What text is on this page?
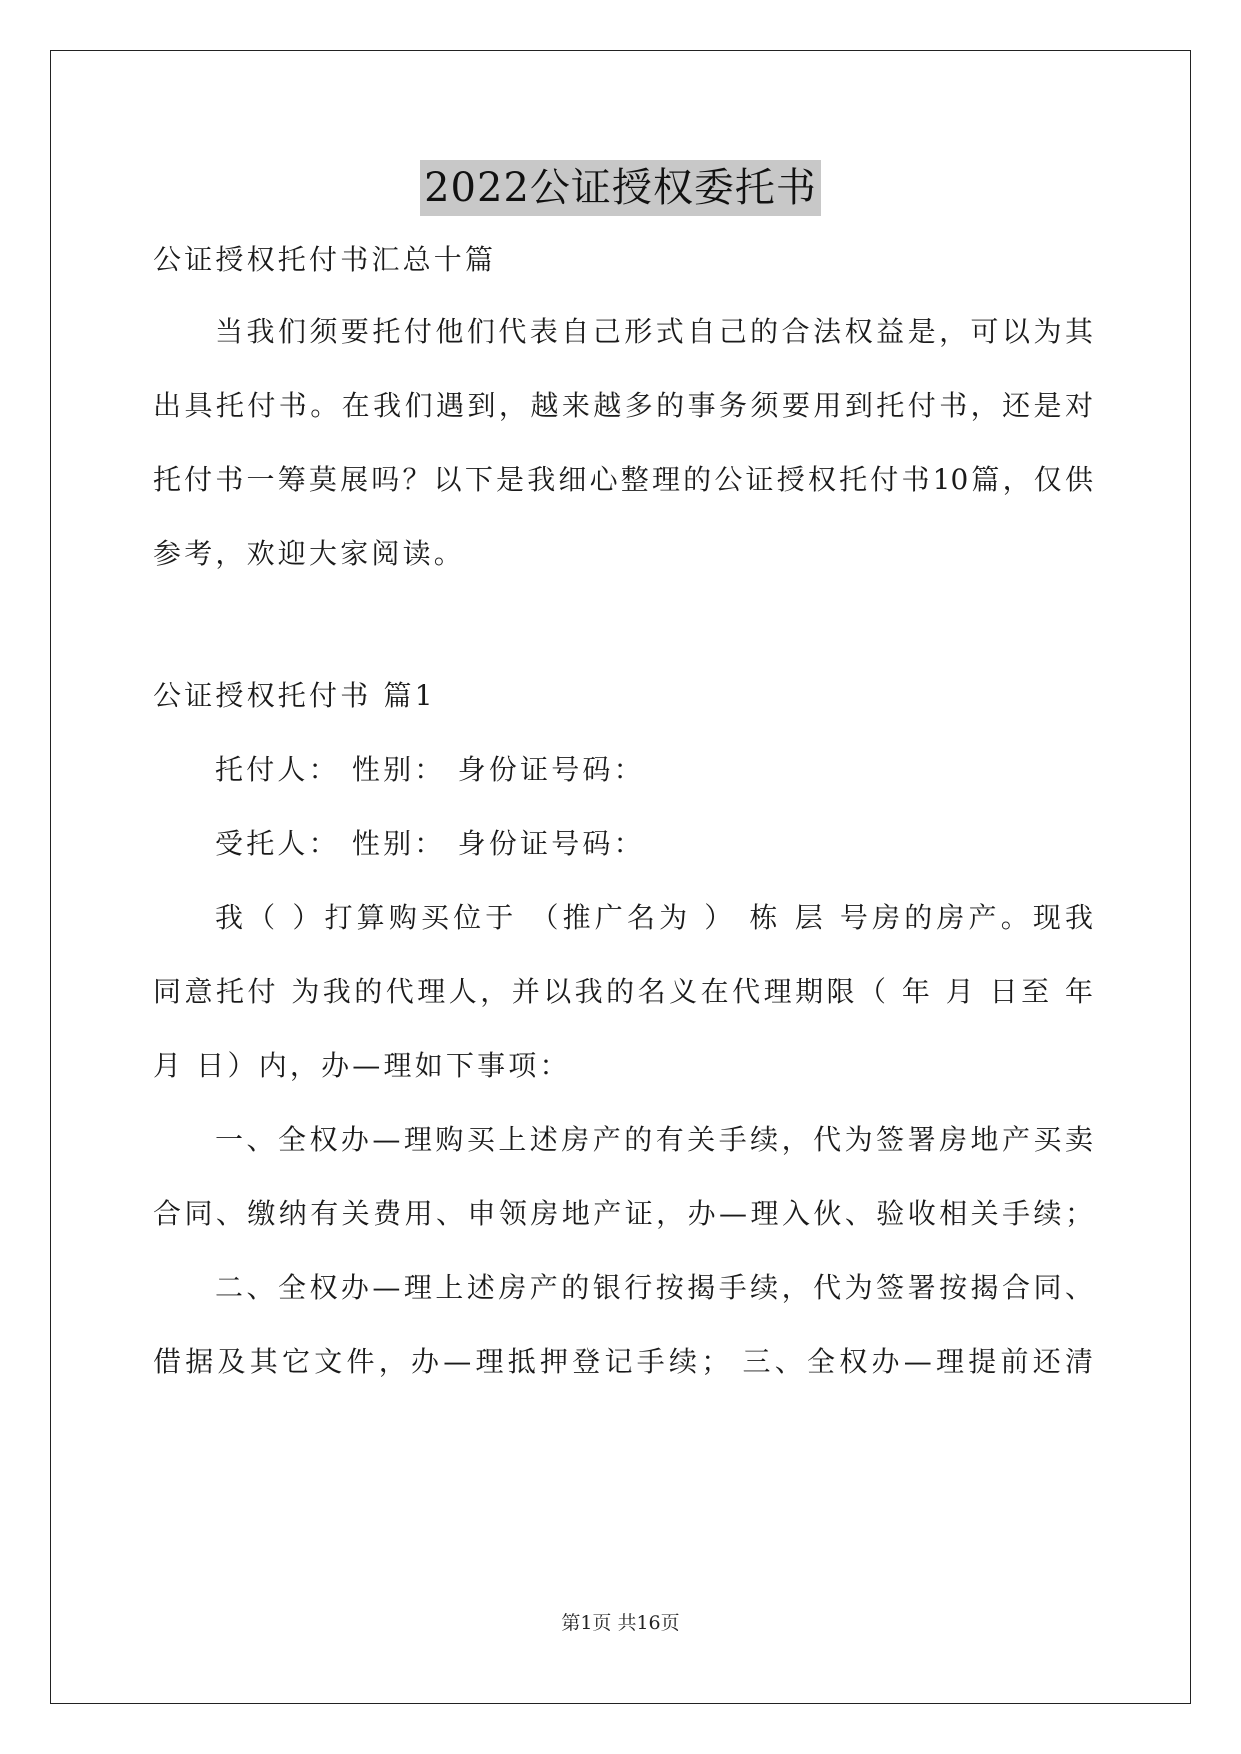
2022公证授权委托书
公证授权托付书汇总十篇
当我们须要托付他们代表自己形式自己的合法权益是，可以为其
出具托付书。在我们遇到，越来越多的事务须要用到托付书，还是对
托付书一筹莫展吗？以下是我细心整理的公证授权托付书10篇，仅供
参考，欢迎大家阅读。
公证授权托付书 篇1
托付人： 性别： 身份证号码：
受托人： 性别： 身份证号码：
我（ ）打算购买位于 （推广名为 ） 栋 层 号房的房产。现我
同意托付 为我的代理人，并以我的名义在代理期限（ 年 月 日至 年
月 日）内，办—理如下事项：
一、全权办—理购买上述房产的有关手续，代为签署房地产买卖
合同、缴纳有关费用、申领房地产证，办—理入伙、验收相关手续；
二、全权办—理上述房产的银行按揭手续，代为签署按揭合同、
借据及其它文件，办—理抵押登记手续； 三、全权办—理提前还清
第1页 共16页
